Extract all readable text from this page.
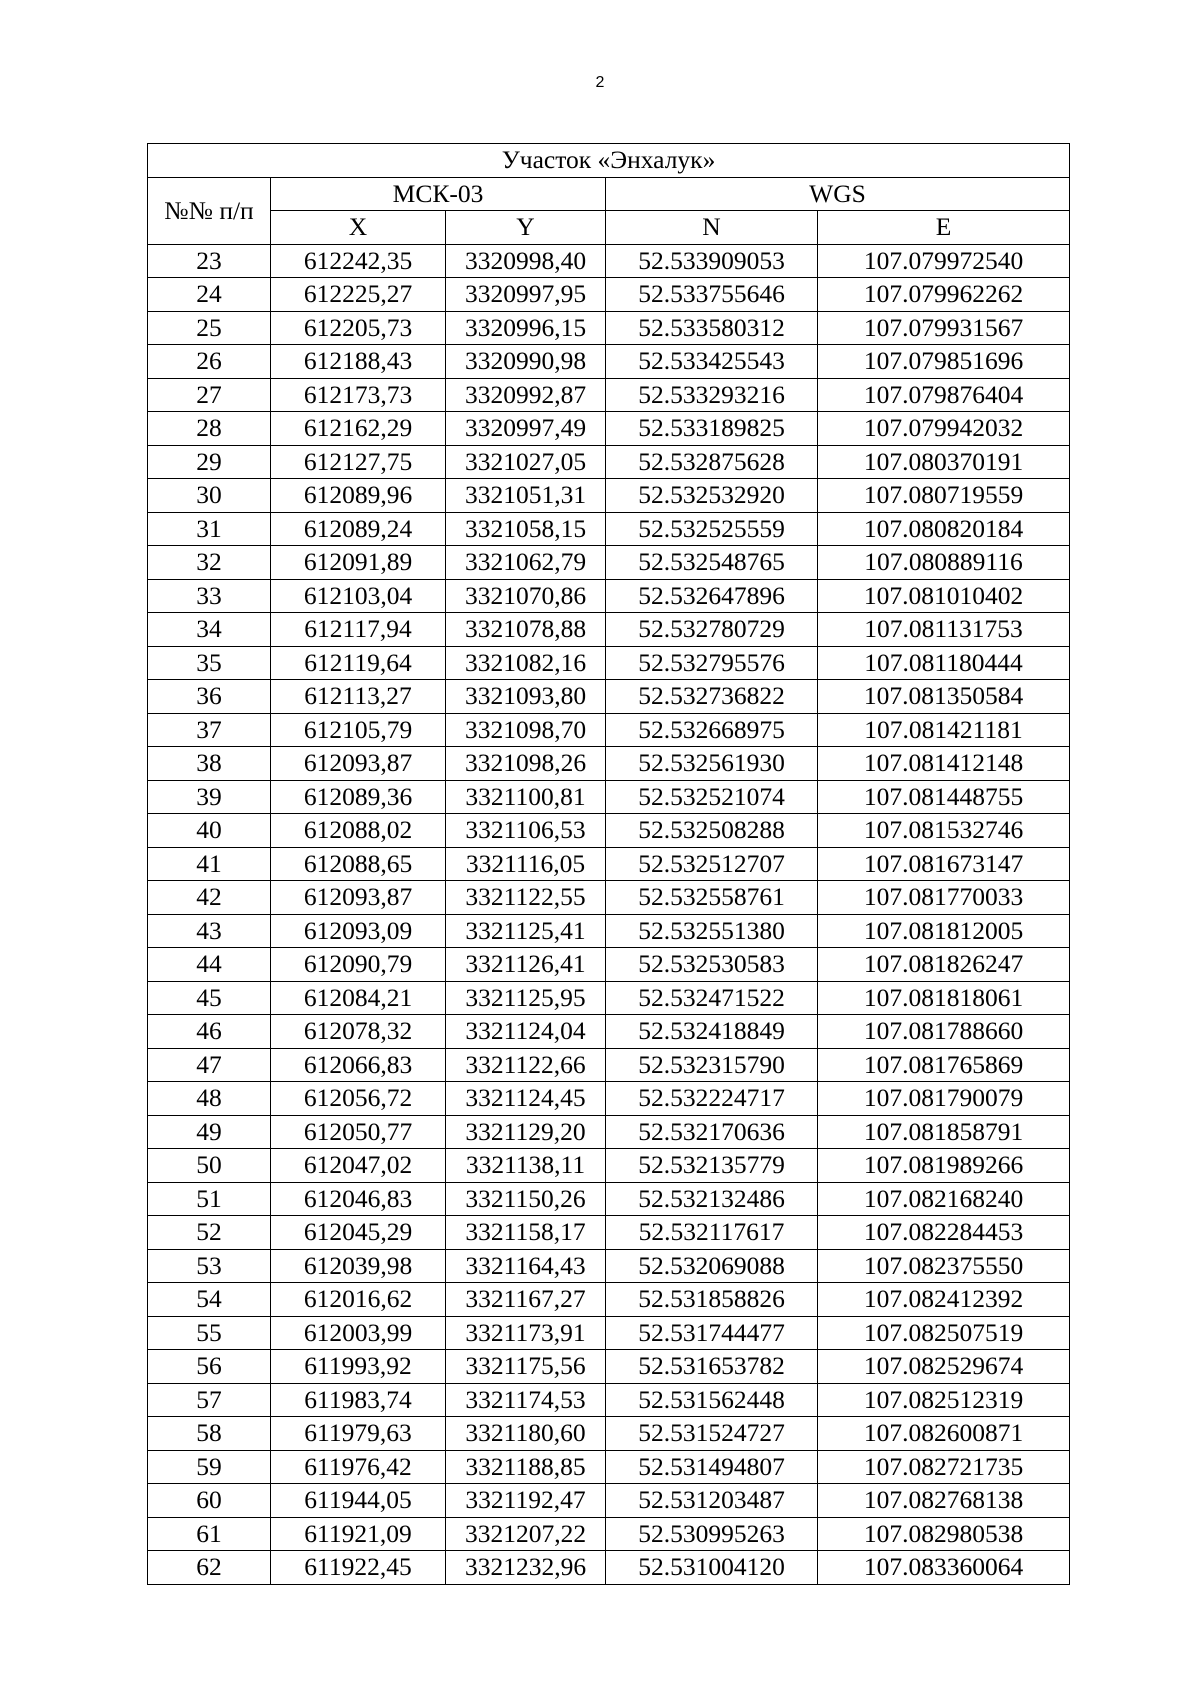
2
Участок «Энхалук»				
№№ п/п	МСК-03		WGS	
	X	Y	N	E
23	612242,35	3320998,40	52.533909053	107.079972540
24	612225,27	3320997,95	52.533755646	107.079962262
25	612205,73	3320996,15	52.533580312	107.079931567
26	612188,43	3320990,98	52.533425543	107.079851696
27	612173,73	3320992,87	52.533293216	107.079876404
28	612162,29	3320997,49	52.533189825	107.079942032
29	612127,75	3321027,05	52.532875628	107.080370191
30	612089,96	3321051,31	52.532532920	107.080719559
31	612089,24	3321058,15	52.532525559	107.080820184
32	612091,89	3321062,79	52.532548765	107.080889116
33	612103,04	3321070,86	52.532647896	107.081010402
34	612117,94	3321078,88	52.532780729	107.081131753
35	612119,64	3321082,16	52.532795576	107.081180444
36	612113,27	3321093,80	52.532736822	107.081350584
37	612105,79	3321098,70	52.532668975	107.081421181
38	612093,87	3321098,26	52.532561930	107.081412148
39	612089,36	3321100,81	52.532521074	107.081448755
40	612088,02	3321106,53	52.532508288	107.081532746
41	612088,65	3321116,05	52.532512707	107.081673147
42	612093,87	3321122,55	52.532558761	107.081770033
43	612093,09	3321125,41	52.532551380	107.081812005
44	612090,79	3321126,41	52.532530583	107.081826247
45	612084,21	3321125,95	52.532471522	107.081818061
46	612078,32	3321124,04	52.532418849	107.081788660
47	612066,83	3321122,66	52.532315790	107.081765869
48	612056,72	3321124,45	52.532224717	107.081790079
49	612050,77	3321129,20	52.532170636	107.081858791
50	612047,02	3321138,11	52.532135779	107.081989266
51	612046,83	3321150,26	52.532132486	107.082168240
52	612045,29	3321158,17	52.532117617	107.082284453
53	612039,98	3321164,43	52.532069088	107.082375550
54	612016,62	3321167,27	52.531858826	107.082412392
55	612003,99	3321173,91	52.531744477	107.082507519
56	611993,92	3321175,56	52.531653782	107.082529674
57	611983,74	3321174,53	52.531562448	107.082512319
58	611979,63	3321180,60	52.531524727	107.082600871
59	611976,42	3321188,85	52.531494807	107.082721735
60	611944,05	3321192,47	52.531203487	107.082768138
61	611921,09	3321207,22	52.530995263	107.082980538
62	611922,45	3321232,96	52.531004120	107.083360064
